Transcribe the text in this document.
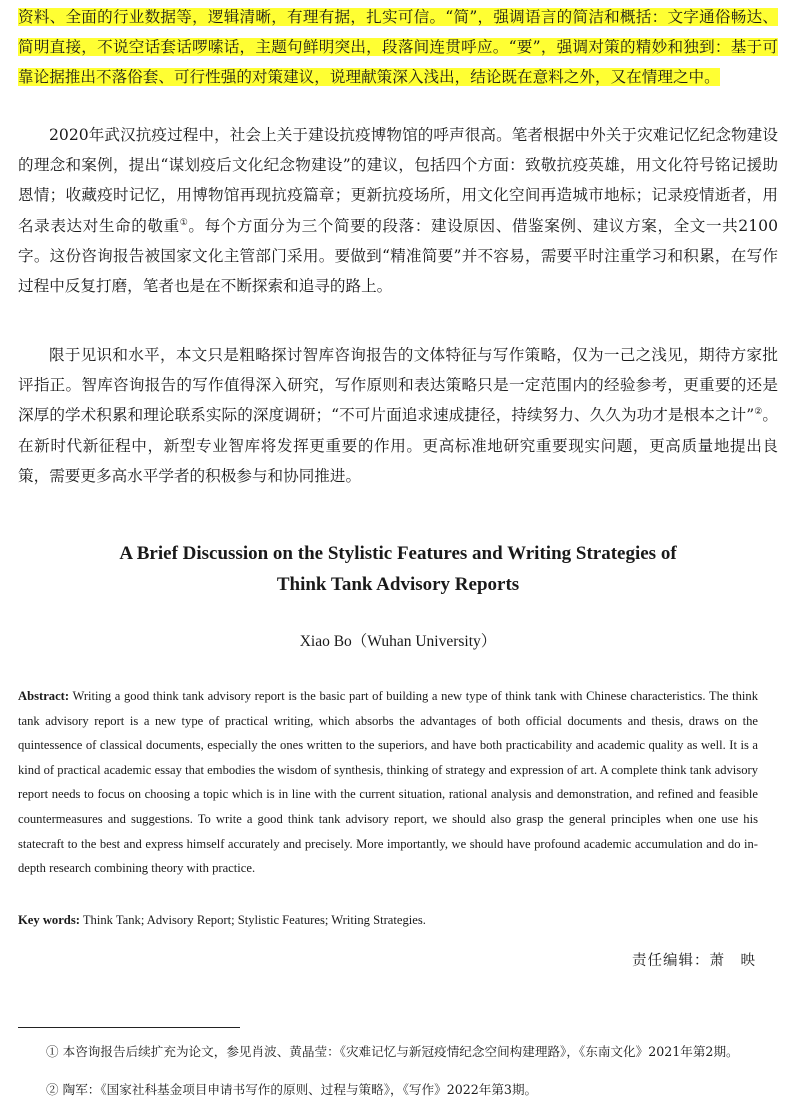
资料、全面的行业数据等，逻辑清晰，有理有据，扎实可信。“简”，强调语言的简洁和概括：文字通俗畅达、简明直接，不说空话套话啰嗦话，主题句鲜明突出，段落间连贯呼应。“要”，强调对策的精妙和独到：基于可靠论据推出不落俗套、可行性强的对策建议，说理献策深入浅出，结论既在意料之外，又在情理之中。

2020年武汉抗疫过程中，社会上关于建设抗疫博物馆的呼声很高。笔者根据中外关于灾难记忆纪念物建设的理念和案例，提出“谋划疫后文化纪念物建设”的建议，包括四个方面：致敬抗疫英雄，用文化符号铭记援助恩情；收藏疫时记忆，用博物馆再现抗疫篇章；更新抗疫场所，用文化空间再造城市地标；记录疫情逝者，用名录表达对生命的敬重①。每个方面分为三个简要的段落：建设原因、借鉴案例、建议方案，全文一共2100字。这份咨询报告被国家文化主管部门采用。要做到“精准简要”并不容易，需要平时注重学习和积累，在写作过程中反复打磨，笔者也是在不断探索和追寻的路上。

限于见识和水平，本文只是粗略探讨智库咨询报告的文体特征与写作策略，仅为一己之浅见，期待方家批评指正。智库咨询报告的写作值得深入研究，写作原则和表达策略只是一定范围内的经验参考，更重要的还是深厚的学术积累和理论联系实际的深度调研；“不可片面追求速成捷径，持续努力、久久为功才是根本之计”②。在新时代新征程中，新型专业智库将发挥更重要的作用。更高标准地研究重要现实问题，更高质量地提出良策，需要更多高水平学者的积极参与和协同推进。

A Brief Discussion on the Stylistic Features and Writing Strategies of
Think Tank Advisory Reports

Xiao Bo（Wuhan University）

Abstract: Writing a good think tank advisory report is the basic part of building a new type of think tank with Chinese characteristics. The think tank advisory report is a new type of practical writing, which absorbs the advantages of both official documents and thesis, draws on the quintessence of classical documents, especially the ones written to the superiors, and have both practicability and academic quality as well. It is a kind of practical academic essay that embodies the wisdom of synthesis, thinking of strategy and expression of art. A complete think tank advisory report needs to focus on choosing a topic which is in line with the current situation, rational analysis and demonstration, and refined and feasible countermeasures and suggestions. To write a good think tank advisory report, we should also grasp the general principles when one use his statecraft to the best and express himself accurately and precisely. More importantly, we should have profound academic accumulation and do in-depth research combining theory with practice.

Key words: Think Tank; Advisory Report; Stylistic Features; Writing Strategies.

责任编辑：萧　映

① 本咨询报告后续扩充为论文，参见肖波、黄晶莹：《灾难记忆与新冠疫情纪念空间构建理路》，《东南文化》2021年第2期。

② 陶军：《国家社科基金项目申请书写作的原则、过程与策略》，《写作》2022年第3期。
